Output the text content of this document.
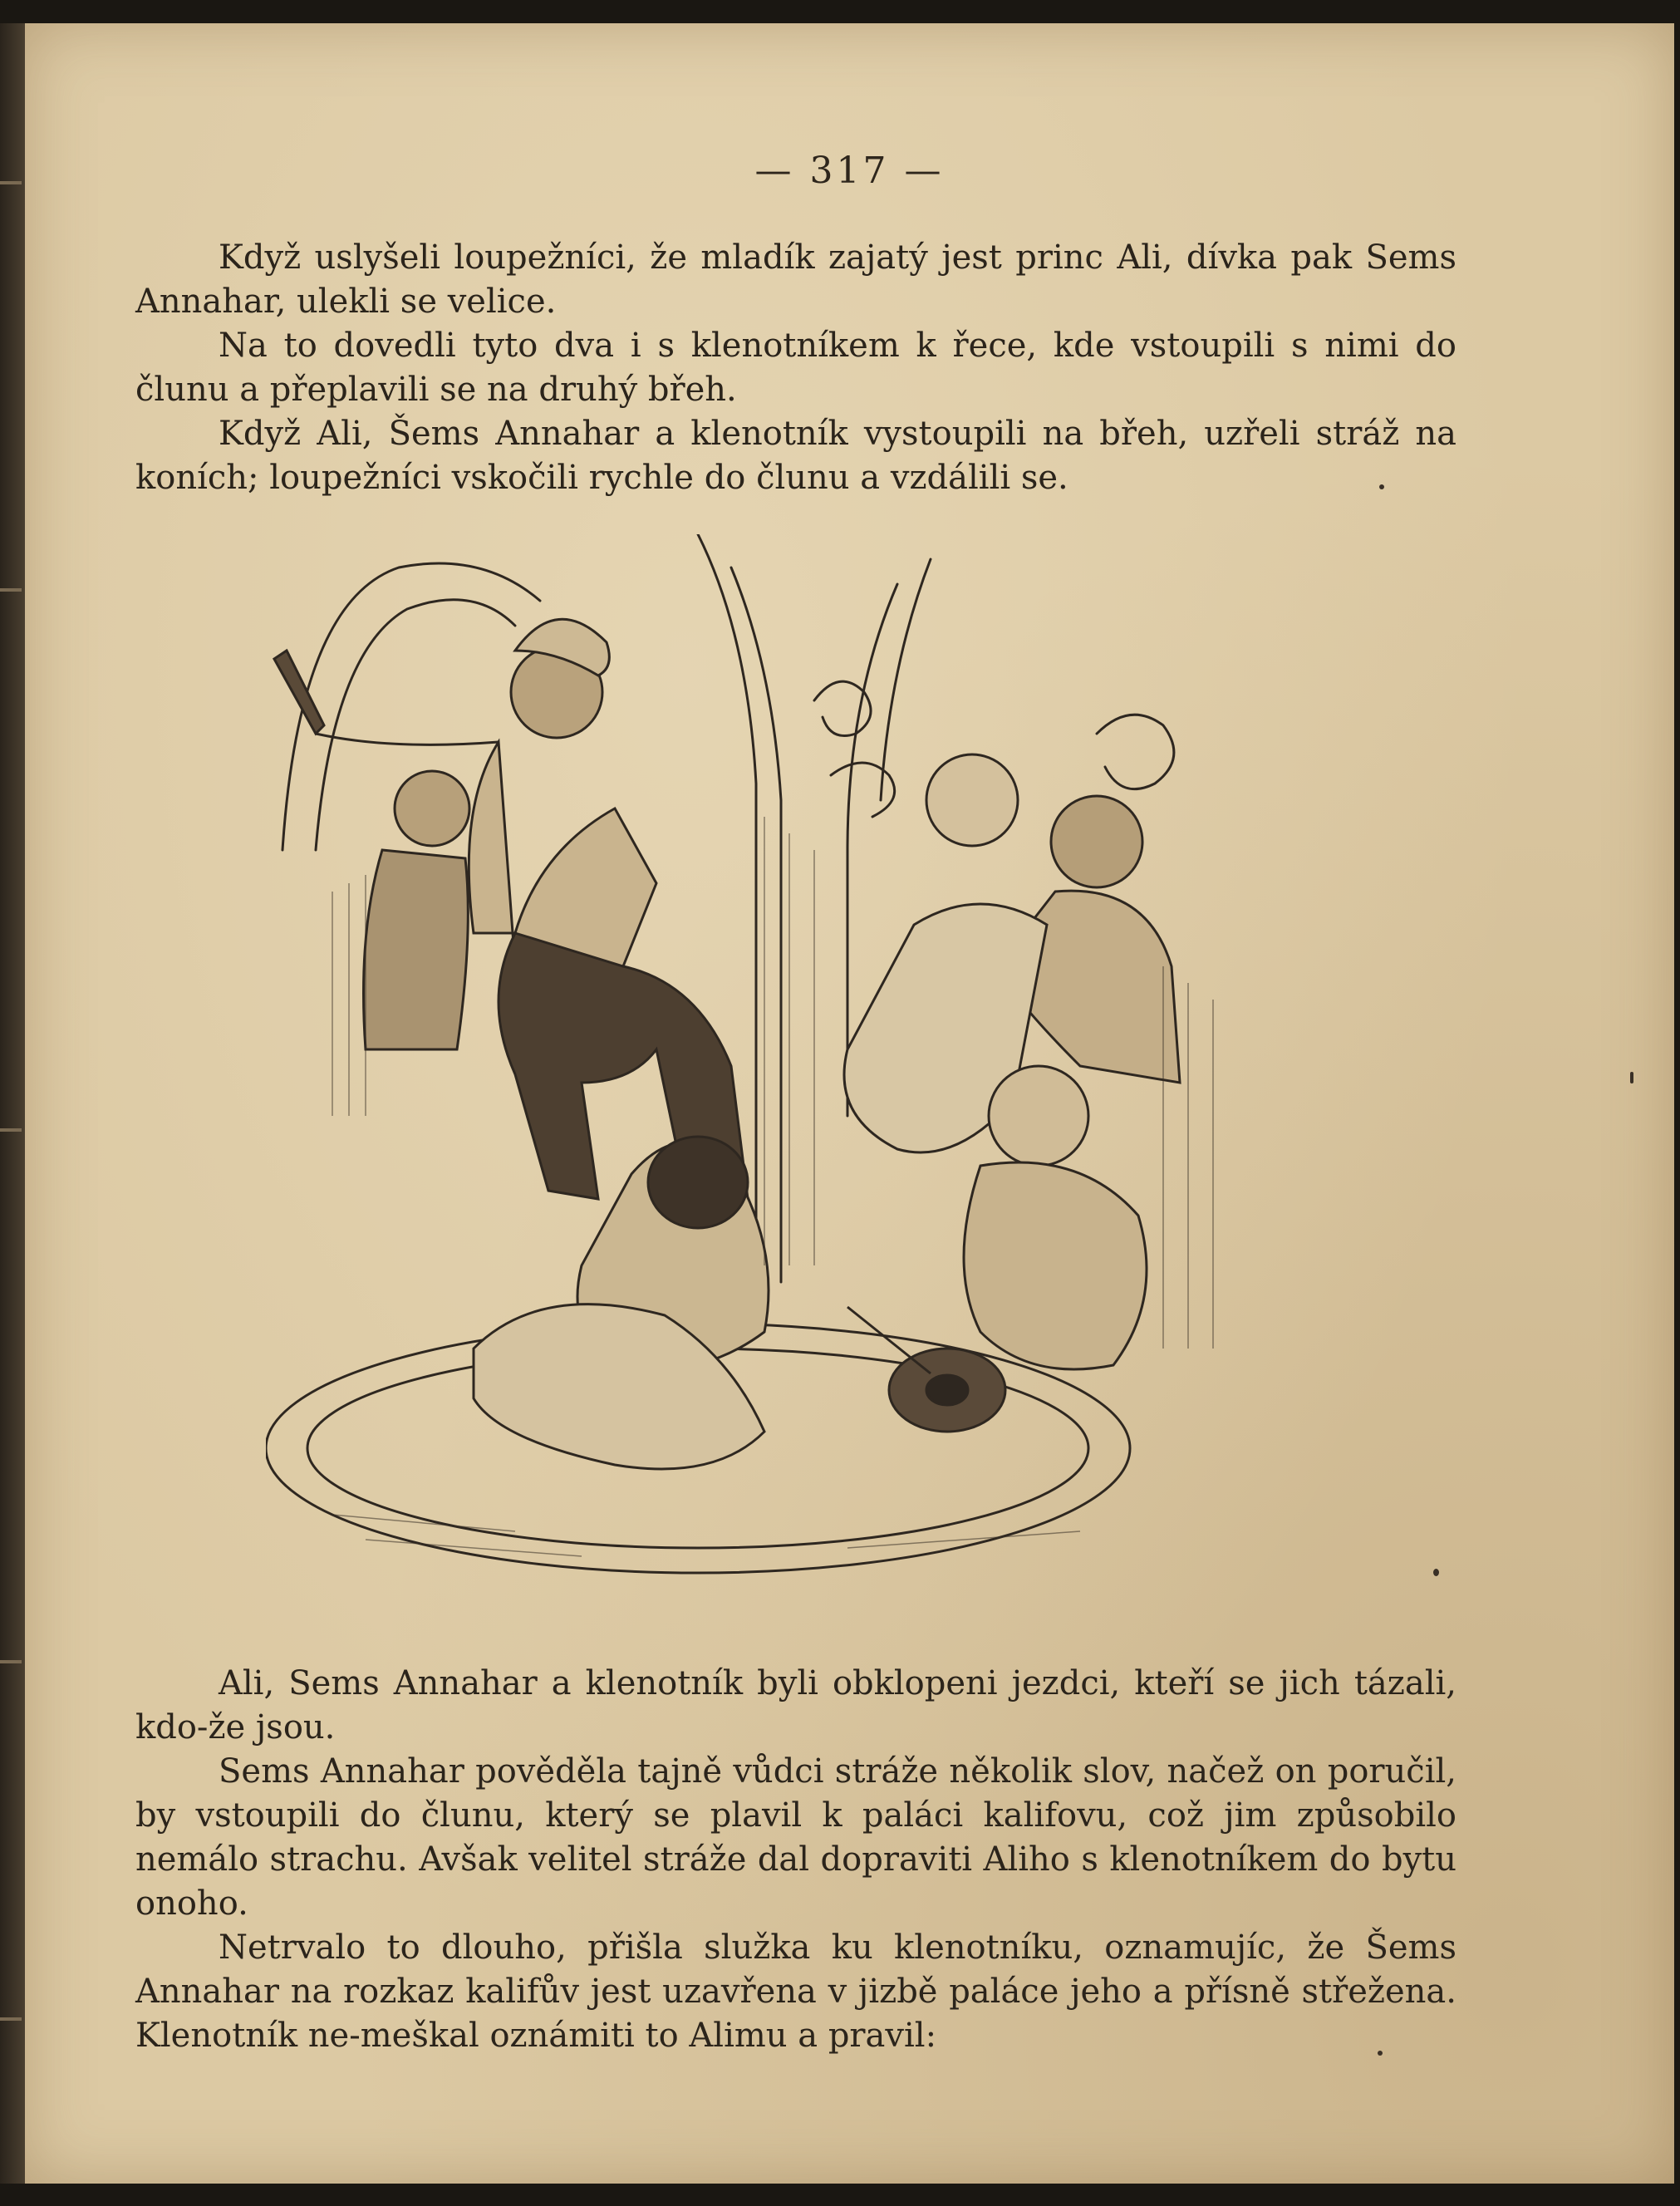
— 317 —

Když uslyšeli loupežníci, že mladík zajatý jest princ Ali, dívka pak Sems Annahar, ulekli se velice.

Na to dovedli tyto dva i s klenotníkem k řece, kde vstoupili s nimi do člunu a přeplavili se na druhý břeh.

Když Ali, Šems Annahar a klenotník vystoupili na břeh, uzřeli stráž na koních; loupežníci vskočili rychle do člunu a vzdálili se.

Ali, Sems Annahar a klenotník byli obklopeni jezdci, kteří se jich tázali, kdo-že jsou.

Sems Annahar pověděla tajně vůdci stráže několik slov, načež on poručil, by vstoupili do člunu, který se plavil k paláci kalifovu, což jim způsobilo nemálo strachu. Avšak velitel stráže dal dopraviti Aliho s klenotníkem do bytu onoho.

Netrvalo to dlouho, přišla služka ku klenotníku, oznamujíc, že Šems Annahar na rozkaz kalifův jest uzavřena v jizbě paláce jeho a přísně střežena. Klenotník ne-meškal oznámiti to Alimu a pravil:
